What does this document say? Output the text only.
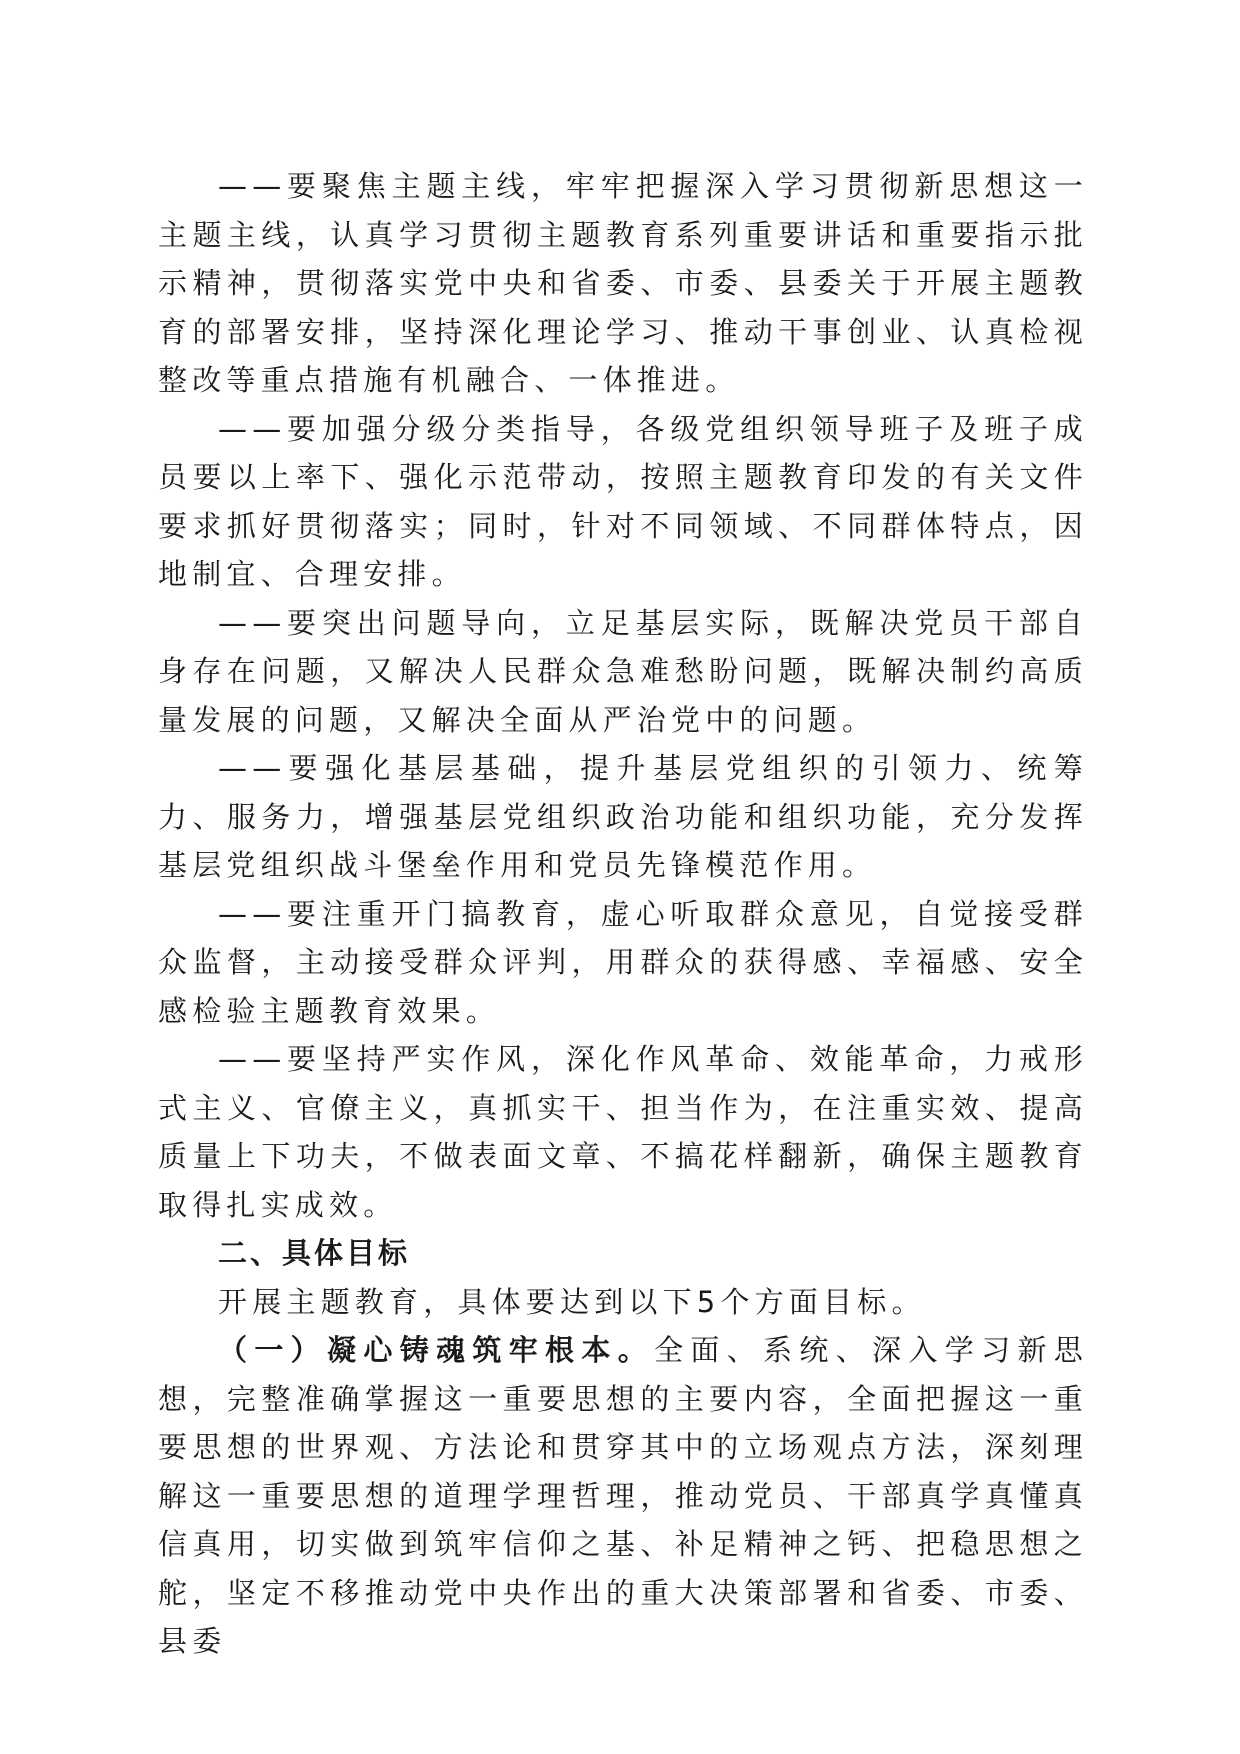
——要聚焦主题主线，牢牢把握深入学习贯彻新思想这一主题主线，认真学习贯彻主题教育系列重要讲话和重要指示批示精神，贯彻落实党中央和省委、市委、县委关于开展主题教育的部署安排，坚持深化理论学习、推动干事创业、认真检视整改等重点措施有机融合、一体推进。

——要加强分级分类指导，各级党组织领导班子及班子成员要以上率下、强化示范带动，按照主题教育印发的有关文件要求抓好贯彻落实；同时，针对不同领域、不同群体特点，因地制宜、合理安排。

——要突出问题导向，立足基层实际，既解决党员干部自身存在问题，又解决人民群众急难愁盼问题，既解决制约高质量发展的问题，又解决全面从严治党中的问题。

——要强化基层基础，提升基层党组织的引领力、统筹力、服务力，增强基层党组织政治功能和组织功能，充分发挥基层党组织战斗堡垒作用和党员先锋模范作用。

——要注重开门搞教育，虚心听取群众意见，自觉接受群众监督，主动接受群众评判，用群众的获得感、幸福感、安全感检验主题教育效果。

——要坚持严实作风，深化作风革命、效能革命，力戒形式主义、官僚主义，真抓实干、担当作为，在注重实效、提高质量上下功夫，不做表面文章、不搞花样翻新，确保主题教育取得扎实成效。

二、具体目标

开展主题教育，具体要达到以下5个方面目标。

（一）凝心铸魂筑牢根本。全面、系统、深入学习新思想，完整准确掌握这一重要思想的主要内容，全面把握这一重要思想的世界观、方法论和贯穿其中的立场观点方法，深刻理解这一重要思想的道理学理哲理，推动党员、干部真学真懂真信真用，切实做到筑牢信仰之基、补足精神之钙、把稳思想之舵，坚定不移推动党中央作出的重大决策部署和省委、市委、县委
